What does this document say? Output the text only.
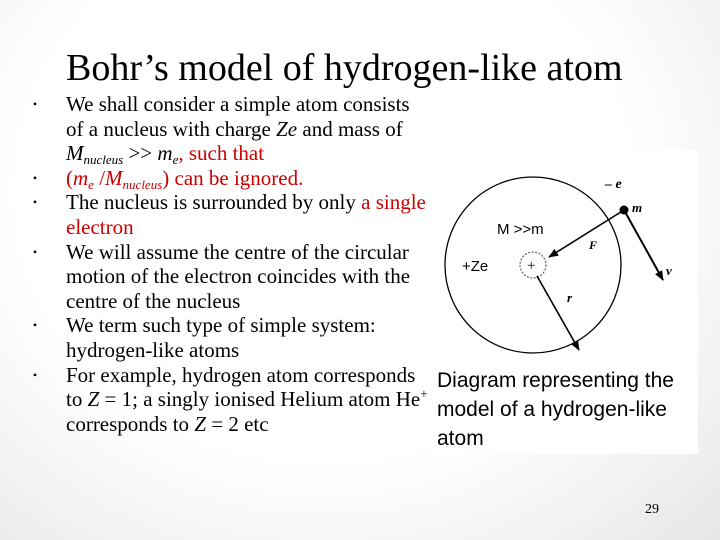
Bohr’s model of hydrogen-like atom
• We shall consider a simple atom consists of a nucleus with charge Ze and mass of $M_{nucleus} >> m_e$, such that
• ($m_e$ $/M_{nucleus}$) can be ignored.
• The nucleus is surrounded by only a single electron
• We will assume the centre of the circular motion of the electron coincides with the centre of the nucleus
• We term such type of simple system: hydrogen-like atoms
• For example, hydrogen atom corresponds to Z = 1; a singly ionised Helium atom He+ corresponds to Z = 2 etc
+
M >>m
+Ze
– e
m
F
r
v
Diagram representing the model of a hydrogen-like atom
29
